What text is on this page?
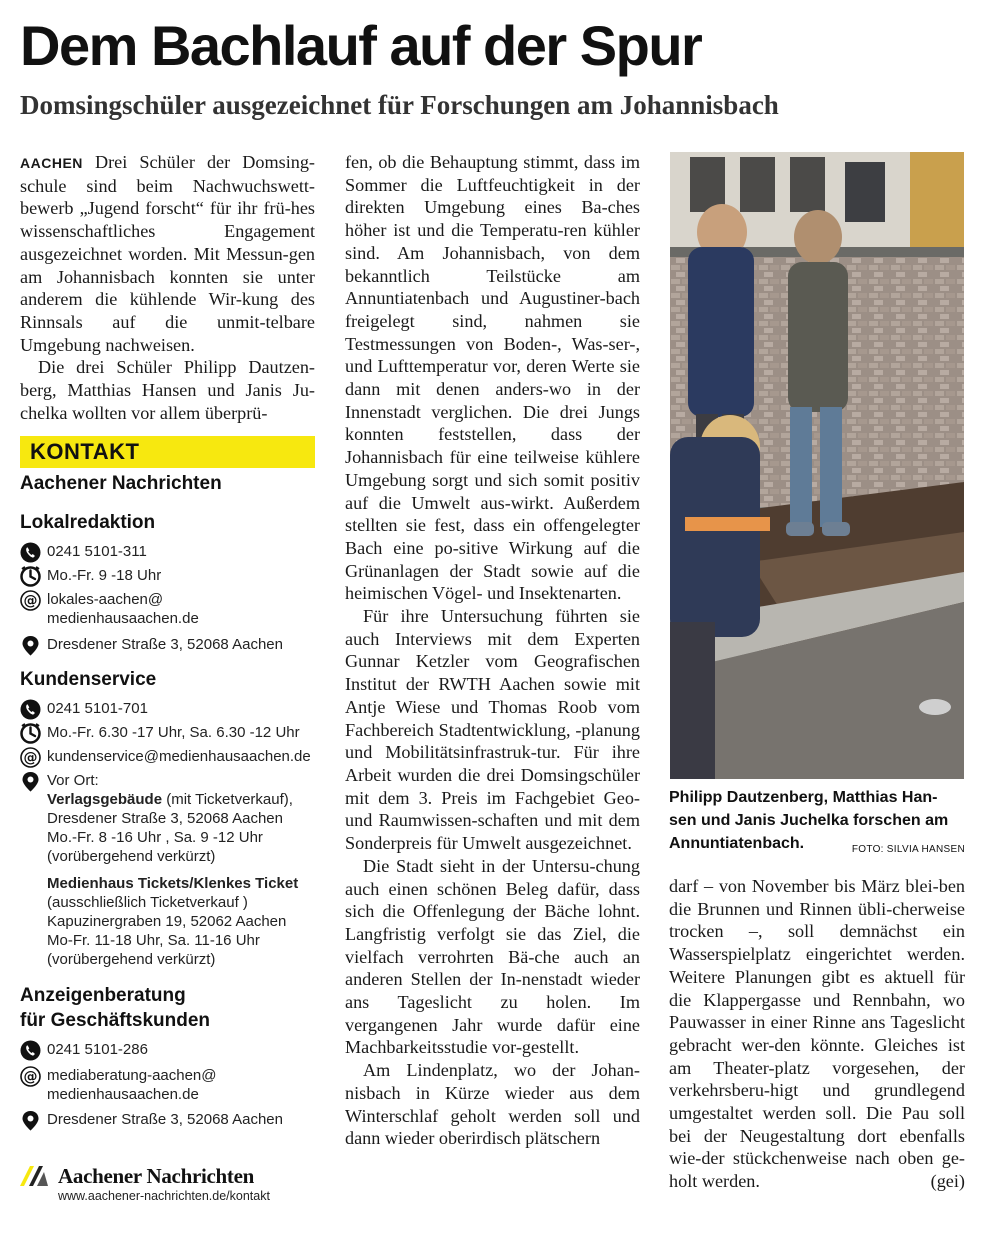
Dem Bachlauf auf der Spur
Domsingschüler ausgezeichnet für Forschungen am Johannisbach

AACHEN Drei Schüler der Domsing-schule sind beim Nachwuchswett-bewerb „Jugend forscht“ für ihr frü-hes wissenschaftliches Engagement ausgezeichnet worden. Mit Messun-gen am Johannisbach konnten sie unter anderem die kühlende Wir-kung des Rinnsals auf die unmit-telbare Umgebung nachweisen.

Die drei Schüler Philipp Dautzen-berg, Matthias Hansen und Janis Ju-chelka wollten vor allem überprü-

KONTAKT
Aachener Nachrichten
Lokalredaktion
0241 5101-311
Mo.-Fr. 9 -18 Uhr
lokales-aachen@
medienhausaachen.de
Dresdener Straße 3, 52068 Aachen
Kundenservice
0241 5101-701
Mo.-Fr. 6.30 -17 Uhr, Sa. 6.30 -12 Uhr
kundenservice@medienhausaachen.de
Vor Ort:
Verlagsgebäude (mit Ticketverkauf),
Dresdener Straße 3, 52068 Aachen
Mo.-Fr. 8 -16 Uhr , Sa. 9 -12 Uhr
(vorübergehend verkürzt)
Medienhaus Tickets/Klenkes Ticket
(ausschließlich Ticketverkauf )
Kapuzinergraben 19, 52062 Aachen
Mo-Fr. 11-18 Uhr, Sa. 11-16 Uhr
(vorübergehend verkürzt)
Anzeigenberatung
für Geschäftskunden
0241 5101-286
mediaberatung-aachen@
medienhausaachen.de
Dresdener Straße 3, 52068 Aachen
Aachener Nachrichten
www.aachener-nachrichten.de/kontakt

fen, ob die Behauptung stimmt, dass im Sommer die Luftfeuchtigkeit in der direkten Umgebung eines Ba-ches höher ist und die Temperatu-ren kühler sind. Am Johannisbach, von dem bekanntlich Teilstücke am Annuntiatenbach und Augustiner-bach freigelegt sind, nahmen sie Testmessungen von Boden-, Was-ser-, und Lufttemperatur vor, deren Werte sie dann mit denen anders-wo in der Innenstadt verglichen. Die drei Jungs konnten feststellen, dass der Johannisbach für eine teilweise kühlere Umgebung sorgt und sich somit positiv auf die Umwelt aus-wirkt. Außerdem stellten sie fest, dass ein offengelegter Bach eine po-sitive Wirkung auf die Grünanlagen der Stadt sowie auf die heimischen Vögel- und Insektenarten.

Für ihre Untersuchung führten sie auch Interviews mit dem Experten Gunnar Ketzler vom Geografischen Institut der RWTH Aachen sowie mit Antje Wiese und Thomas Roob vom Fachbereich Stadtentwicklung, -planung und Mobilitätsinfrastruk-tur. Für ihre Arbeit wurden die drei Domsingschüler mit dem 3. Preis im Fachgebiet Geo- und Raumwissen-schaften und mit dem Sonderpreis für Umwelt ausgezeichnet.

Die Stadt sieht in der Untersu-chung auch einen schönen Beleg dafür, dass sich die Offenlegung der Bäche lohnt. Langfristig verfolgt sie das Ziel, die vielfach verrohrten Bä-che auch an anderen Stellen der In-nenstadt wieder ans Tageslicht zu holen. Im vergangenen Jahr wurde dafür eine Machbarkeitsstudie vor-gestellt.

Am Lindenplatz, wo der Johan-nisbach in Kürze wieder aus dem Winterschlaf geholt werden soll und dann wieder oberirdisch plätschern

Philipp Dautzenberg, Matthias Han-sen und Janis Juchelka forschen am Annuntiatenbach.	FOTO: SILVIA HANSEN

darf – von November bis März blei-ben die Brunnen und Rinnen übli-cherweise trocken –, soll demnächst ein Wasserspielplatz eingerichtet werden. Weitere Planungen gibt es aktuell für die Klappergasse und Rennbahn, wo Pauwasser in einer Rinne ans Tageslicht gebracht wer-den könnte. Gleiches ist am Theater-platz vorgesehen, der verkehrsberu-higt und grundlegend umgestaltet werden soll. Die Pau soll bei der Neugestaltung dort ebenfalls wie-der stückchenweise nach oben ge-holt werden.	(gei)
